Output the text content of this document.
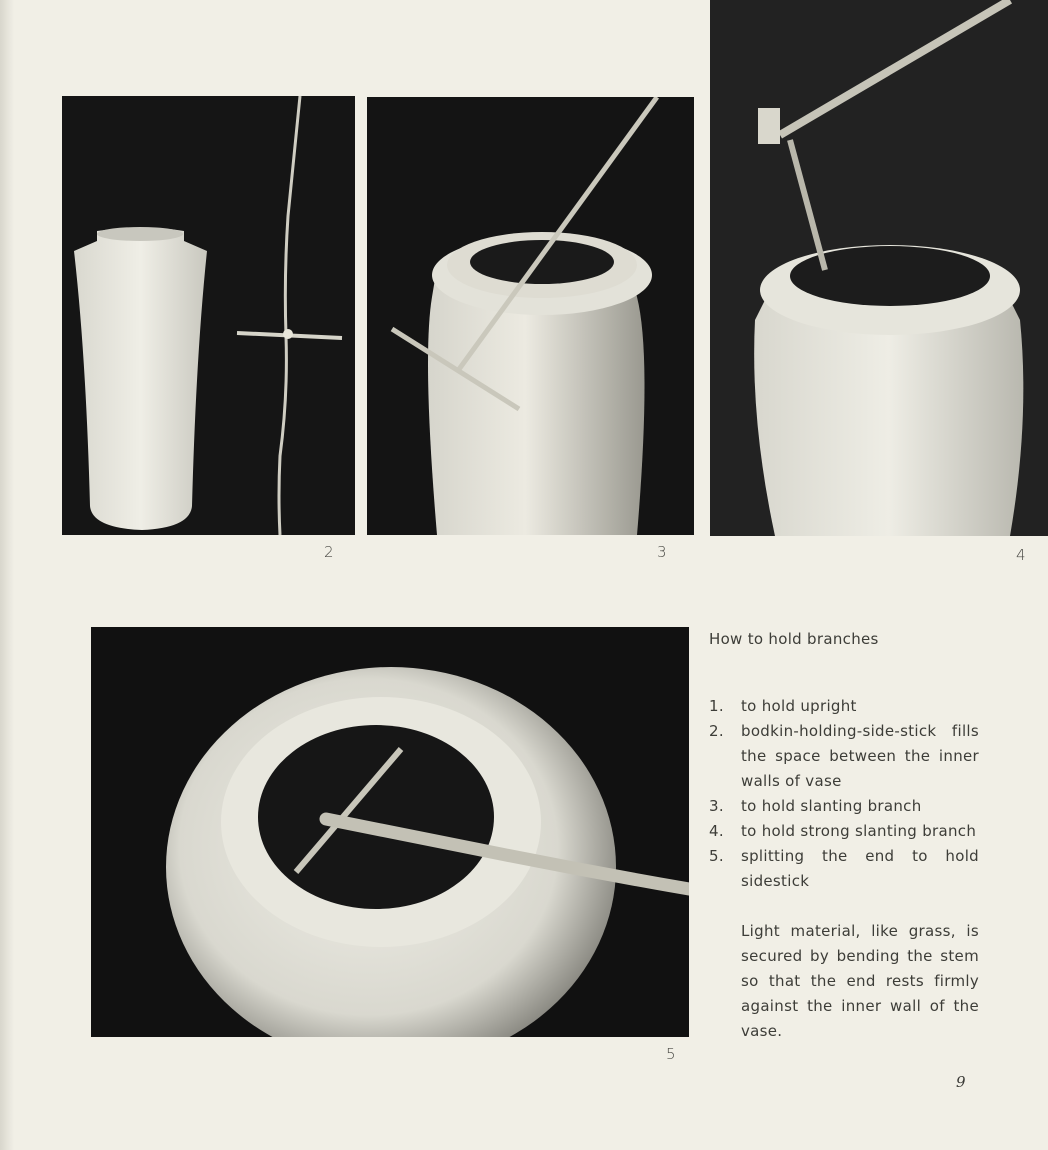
2	3	4
5

How to hold branches

1. to hold upright
2. bodkin-holding-side-stick fills the space between the inner walls of vase
3. to hold slanting branch
4. to hold strong slanting branch
5. splitting the end to hold sidestick

Light material, like grass, is secured by bending the stem so that the end rests firmly against the inner wall of the vase.

9
